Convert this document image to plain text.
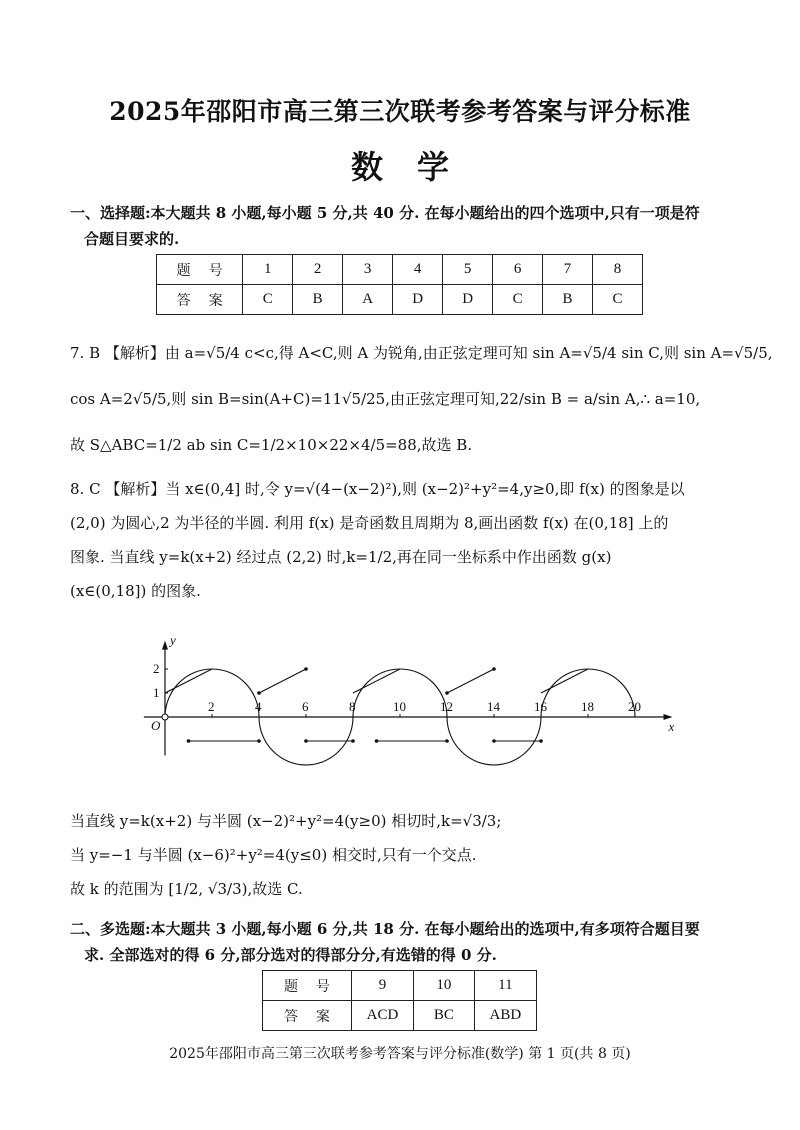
2025年邵阳市高三第三次联考参考答案与评分标准
数学
一、选择题:本大题共 8 小题,每小题 5 分,共 40 分. 在每小题给出的四个选项中,只有一项是符
合题目要求的.
题号	1	2	3	4	5	6	7	8
答案	C	B	A	D	D	C	B	C
7. B 【解析】由 a=√5/4 c<c,得 A<C,则 A 为锐角,由正弦定理可知 sin A=√5/4 sin C,则 sin A=√5/5,
cos A=2√5/5,则 sin B=sin(A+C)=11√5/25,由正弦定理可知,22/sin B = a/sin A,∴ a=10,
故 S△ABC=1/2 ab sin C=1/2×10×22×4/5=88,故选 B.
8. C 【解析】当 x∈(0,4] 时,令 y=√(4−(x−2)²),则 (x−2)²+y²=4,y≥0,即 f(x) 的图象是以
(2,0) 为圆心,2 为半径的半圆. 利用 f(x) 是奇函数且周期为 8,画出函数 f(x) 在(0,18] 上的
图象. 当直线 y=k(x+2) 经过点 (2,2) 时,k=1/2,再在同一坐标系中作出函数 g(x)
(x∈(0,18]) 的图象.
x
y
O
2	4	6	8	10	12	14	16	18	20
1
2
当直线 y=k(x+2) 与半圆 (x−2)²+y²=4(y≥0) 相切时,k=√3/3;
当 y=−1 与半圆 (x−6)²+y²=4(y≤0) 相交时,只有一个交点.
故 k 的范围为 [1/2, √3/3),故选 C.
二、多选题:本大题共 3 小题,每小题 6 分,共 18 分. 在每小题给出的选项中,有多项符合题目要
求. 全部选对的得 6 分,部分选对的得部分分,有选错的得 0 分.
题号	9	10	11
答案	ACD	BC	ABD
2025年邵阳市高三第三次联考参考答案与评分标准(数学) 第 1 页(共 8 页)
